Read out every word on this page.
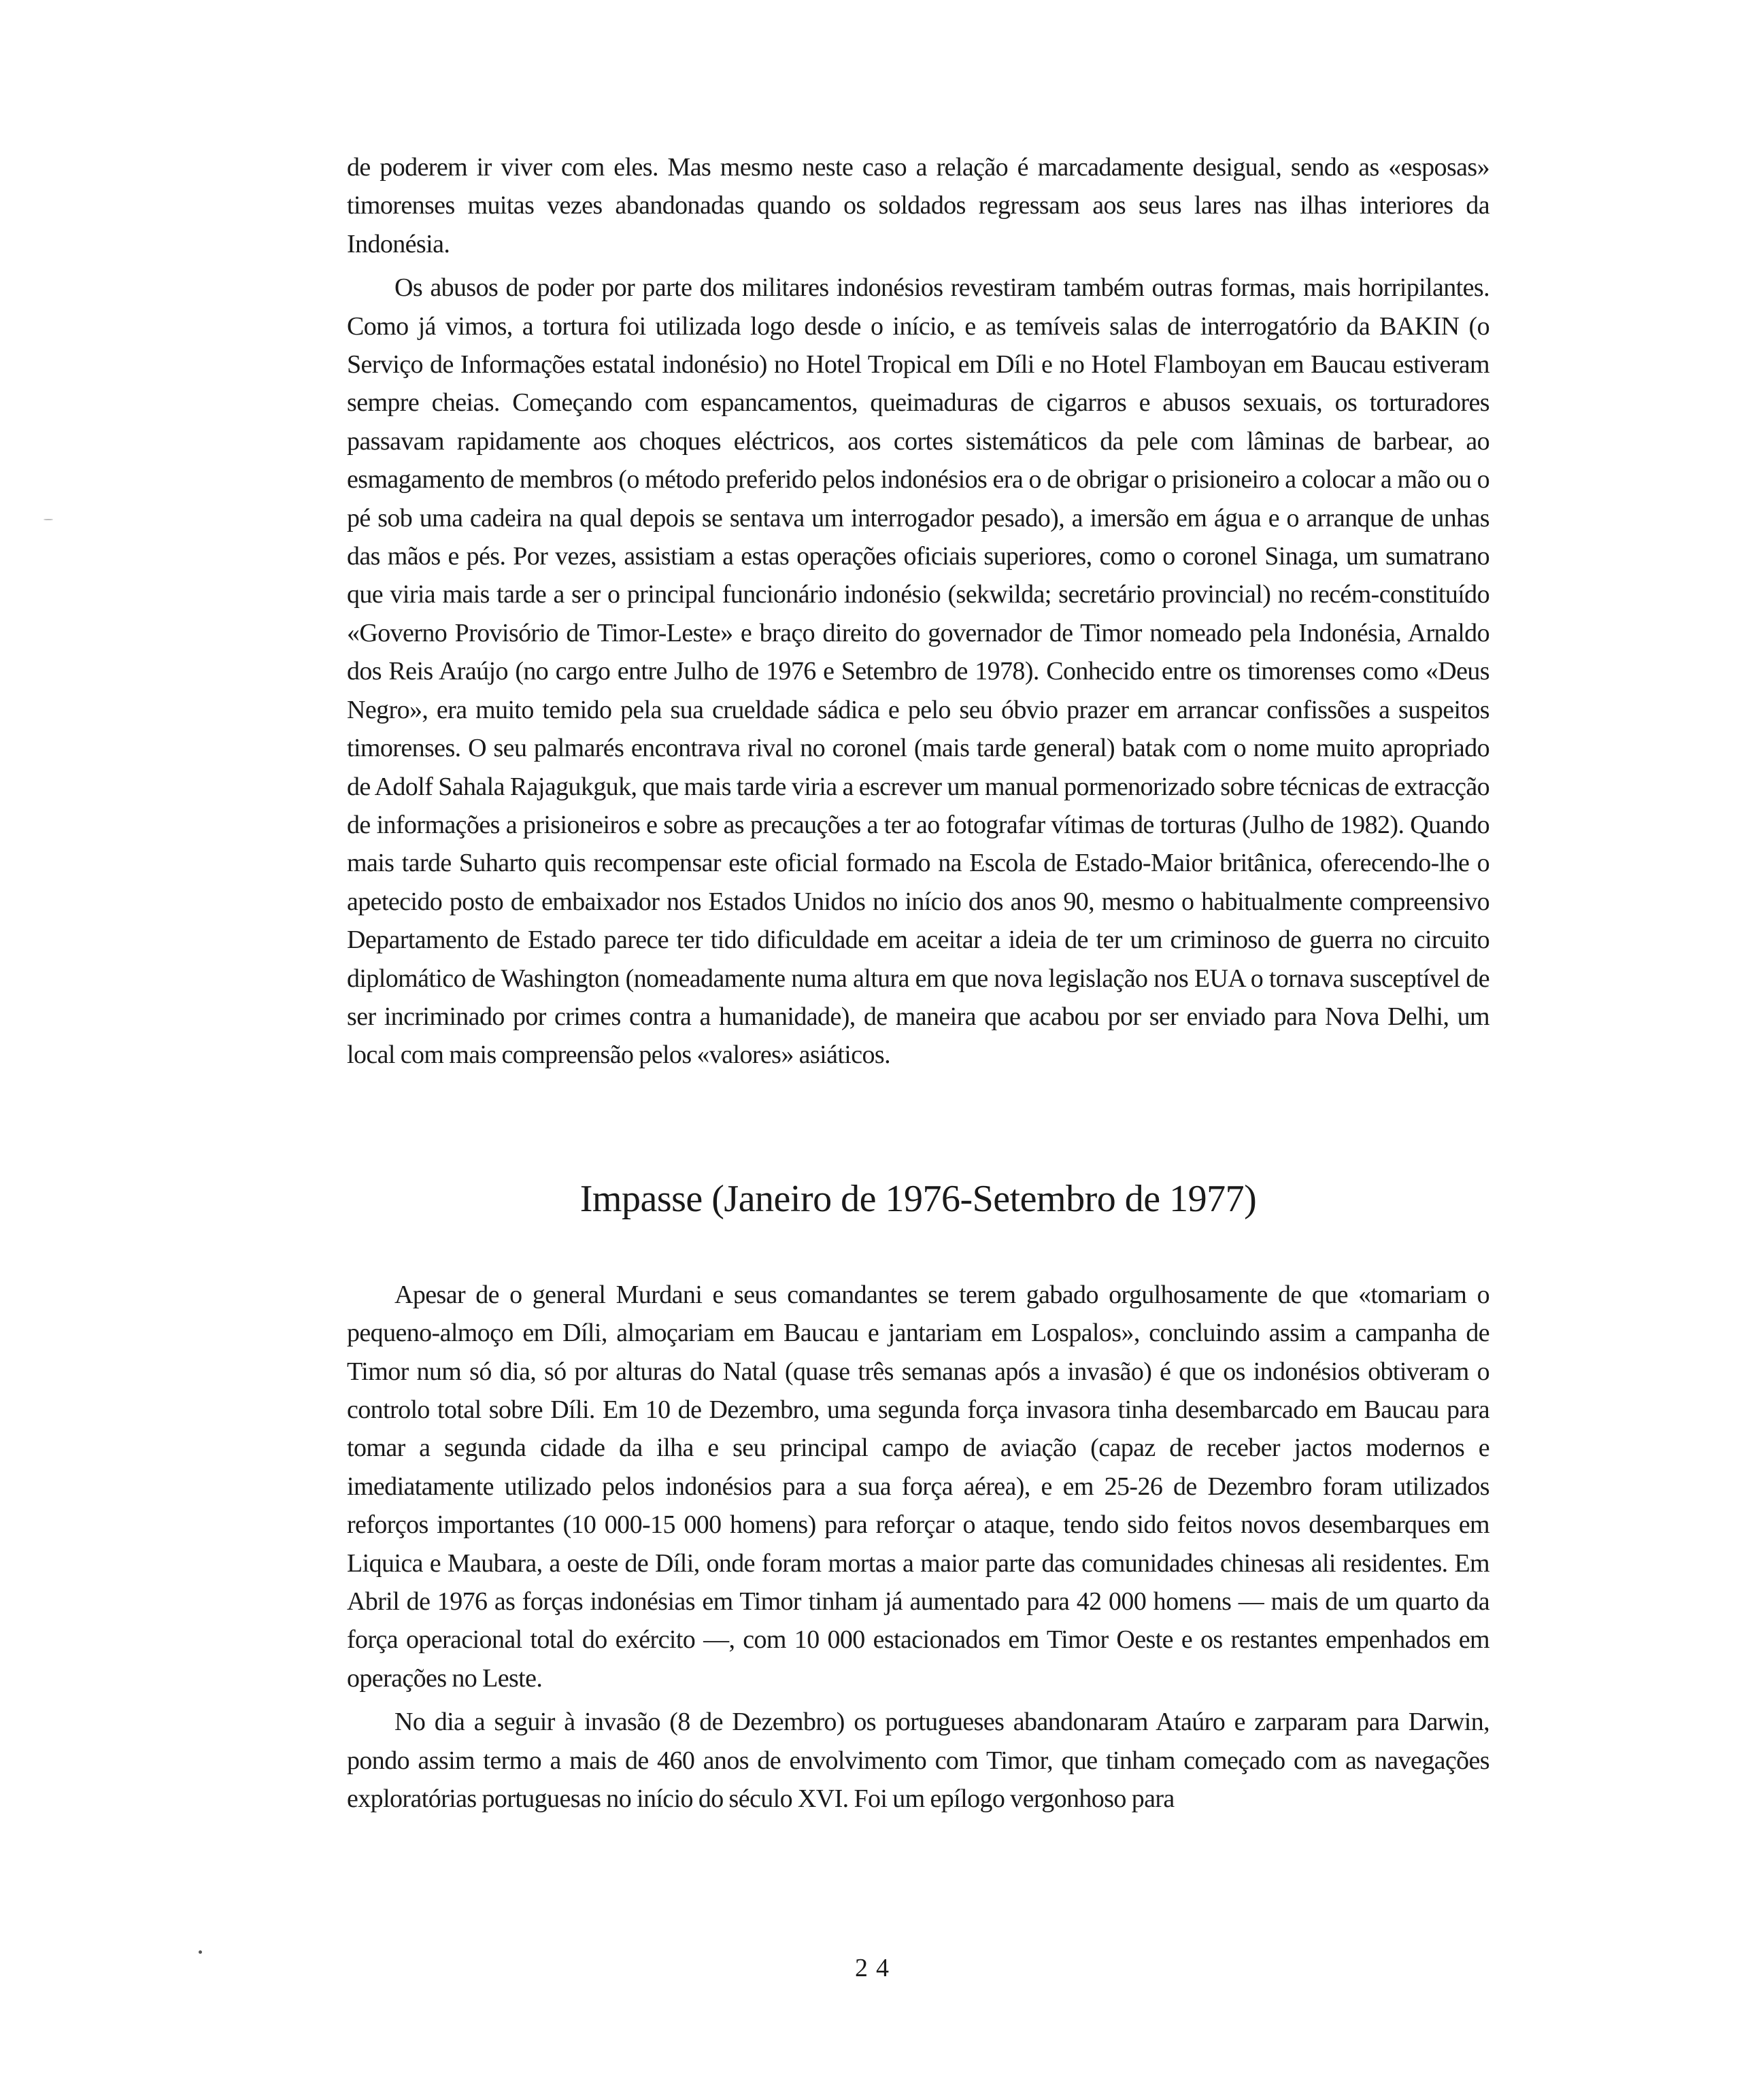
de poderem ir viver com eles. Mas mesmo neste caso a relação é marcadamente desigual, sendo as «esposas» timorenses muitas vezes abandonadas quando os soldados regressam aos seus lares nas ilhas interiores da Indonésia.

Os abusos de poder por parte dos militares indonésios revestiram também outras formas, mais horripilantes. Como já vimos, a tortura foi utilizada logo desde o início, e as temíveis salas de interrogatório da BAKIN (o Serviço de Informações estatal indonésio) no Hotel Tropical em Díli e no Hotel Flamboyan em Baucau estiveram sempre cheias. Começando com espancamentos, queimaduras de cigarros e abusos sexuais, os torturadores passavam rapidamente aos choques eléctricos, aos cortes sistemáticos da pele com lâminas de barbear, ao esmagamento de membros (o método preferido pelos indonésios era o de obrigar o prisioneiro a colocar a mão ou o pé sob uma cadeira na qual depois se sentava um interrogador pesado), a imersão em água e o arranque de unhas das mãos e pés. Por vezes, assistiam a estas operações oficiais superiores, como o coronel Sinaga, um sumatrano que viria mais tarde a ser o principal funcionário indonésio (sekwilda; secretário provincial) no recém-constituído «Governo Provisório de Timor-Leste» e braço direito do governador de Timor nomeado pela Indonésia, Arnaldo dos Reis Araújo (no cargo entre Julho de 1976 e Setembro de 1978). Conhecido entre os timorenses como «Deus Negro», era muito temido pela sua crueldade sádica e pelo seu óbvio prazer em arrancar confissões a suspeitos timorenses. O seu palmarés encontrava rival no coronel (mais tarde general) batak com o nome muito apropriado de Adolf Sahala Rajagukguk, que mais tarde viria a escrever um manual pormenorizado sobre técnicas de extracção de informações a prisioneiros e sobre as precauções a ter ao fotografar vítimas de torturas (Julho de 1982). Quando mais tarde Suharto quis recompensar este oficial formado na Escola de Estado-Maior britânica, oferecendo-lhe o apetecido posto de embaixador nos Estados Unidos no início dos anos 90, mesmo o habitualmente compreensivo Departamento de Estado parece ter tido dificuldade em aceitar a ideia de ter um criminoso de guerra no circuito diplomático de Washington (nomeadamente numa altura em que nova legislação nos EUA o tornava susceptível de ser incriminado por crimes contra a humanidade), de maneira que acabou por ser enviado para Nova Delhi, um local com mais compreensão pelos «valores» asiáticos.

Impasse (Janeiro de 1976-Setembro de 1977)

Apesar de o general Murdani e seus comandantes se terem gabado orgulhosamente de que «tomariam o pequeno-almoço em Díli, almoçariam em Baucau e jantariam em Lospalos», concluindo assim a campanha de Timor num só dia, só por alturas do Natal (quase três semanas após a invasão) é que os indonésios obtiveram o controlo total sobre Díli. Em 10 de Dezembro, uma segunda força invasora tinha desembarcado em Baucau para tomar a segunda cidade da ilha e seu principal campo de aviação (capaz de receber jactos modernos e imediatamente utilizado pelos indonésios para a sua força aérea), e em 25-26 de Dezembro foram utilizados reforços importantes (10 000-15 000 homens) para reforçar o ataque, tendo sido feitos novos desembarques em Liquica e Maubara, a oeste de Díli, onde foram mortas a maior parte das comunidades chinesas ali residentes. Em Abril de 1976 as forças indonésias em Timor tinham já aumentado para 42 000 homens — mais de um quarto da força operacional total do exército —, com 10 000 estacionados em Timor Oeste e os restantes empenhados em operações no Leste.

No dia a seguir à invasão (8 de Dezembro) os portugueses abandonaram Ataúro e zarparam para Darwin, pondo assim termo a mais de 460 anos de envolvimento com Timor, que tinham começado com as navegações exploratórias portuguesas no início do século XVI. Foi um epílogo vergonhoso para

24
